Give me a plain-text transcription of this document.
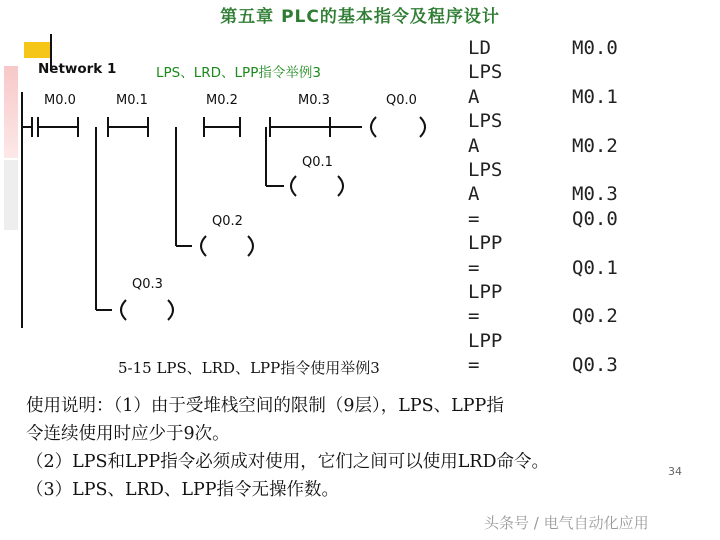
第五章 PLC的基本指令及程序设计
Network 1	LPS、LRD、LPP指令举例3
M0.0	M0.1	M0.2	M0.3	Q0.0
Q0.1
Q0.2
Q0.3
LD	M0.0
LPS
A	M0.1
LPS
A	M0.2
LPS
A	M0.3
=	Q0.0
LPP
=	Q0.1
LPP
=	Q0.2
LPP
=	Q0.3
5-15 LPS、LRD、LPP指令使用举例3

使用说明：（1）由于受堆栈空间的限制（9层），LPS、LPP指

令连续使用时应少于9次。

（2）LPS和LPP指令必须成对使用，它们之间可以使用LRD命令。

（3）LPS、LRD、LPP指令无操作数。

34
头条号 / 电气自动化应用
